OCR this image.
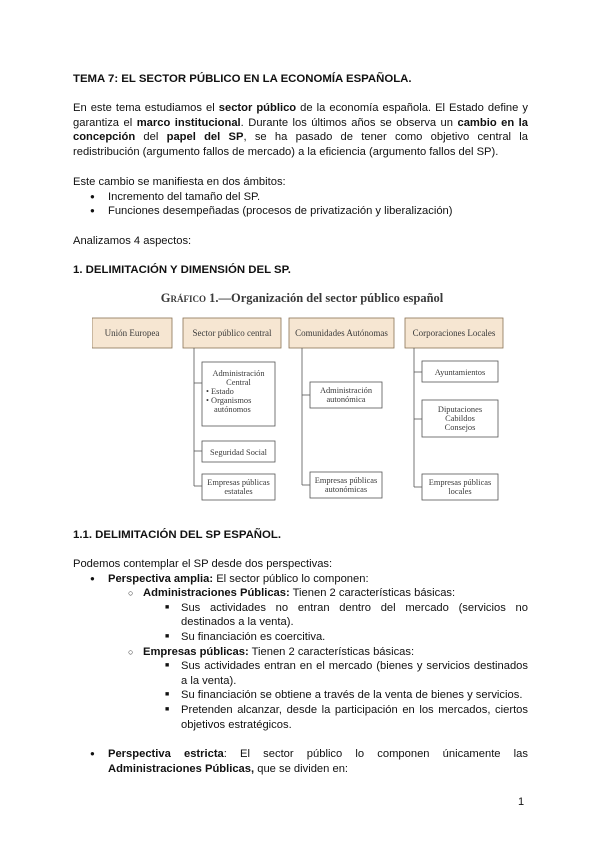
TEMA 7: EL SECTOR PÚBLICO EN LA ECONOMÍA ESPAÑOLA.

En este tema estudiamos el sector público de la economía española. El Estado define y garantiza el marco institucional. Durante los últimos años se observa un cambio en la concepción del papel del SP, se ha pasado de tener como objetivo central la redistribución (argumento fallos de mercado) a la eficiencia (argumento fallos del SP).

Este cambio se manifiesta en dos ámbitos:
● Incremento del tamaño del SP.
● Funciones desempeñadas (procesos de privatización y liberalización)

Analizamos 4 aspectos:

1. DELIMITACIÓN Y DIMENSIÓN DEL SP.

Gráfico 1.—Organización del sector público español
Unión Europea	Sector público central	Comunidades Autónomas	Corporaciones Locales
Administración
Central
• Estado
• Organismos
autónomos
Seguridad Social
Empresas públicas
estatales
Administración
autonómica
Empresas públicas
autonómicas
Ayuntamientos
Diputaciones
Cabildos
Consejos
Empresas públicas
locales

1.1. DELIMITACIÓN DEL SP ESPAÑOL.

Podemos contemplar el SP desde dos perspectivas:
● Perspectiva amplia: El sector público lo componen:
○ Administraciones Públicas: Tienen 2 características básicas:
■ Sus actividades no entran dentro del mercado (servicios no destinados a la venta).
■ Su financiación es coercitiva.
○ Empresas públicas: Tienen 2 características básicas:
■ Sus actividades entran en el mercado (bienes y servicios destinados a la venta).
■ Su financiación se obtiene a través de la venta de bienes y servicios.
■ Pretenden alcanzar, desde la participación en los mercados, ciertos objetivos estratégicos.
● Perspectiva estricta: El sector público lo componen únicamente las Administraciones Públicas, que se dividen en:
1
